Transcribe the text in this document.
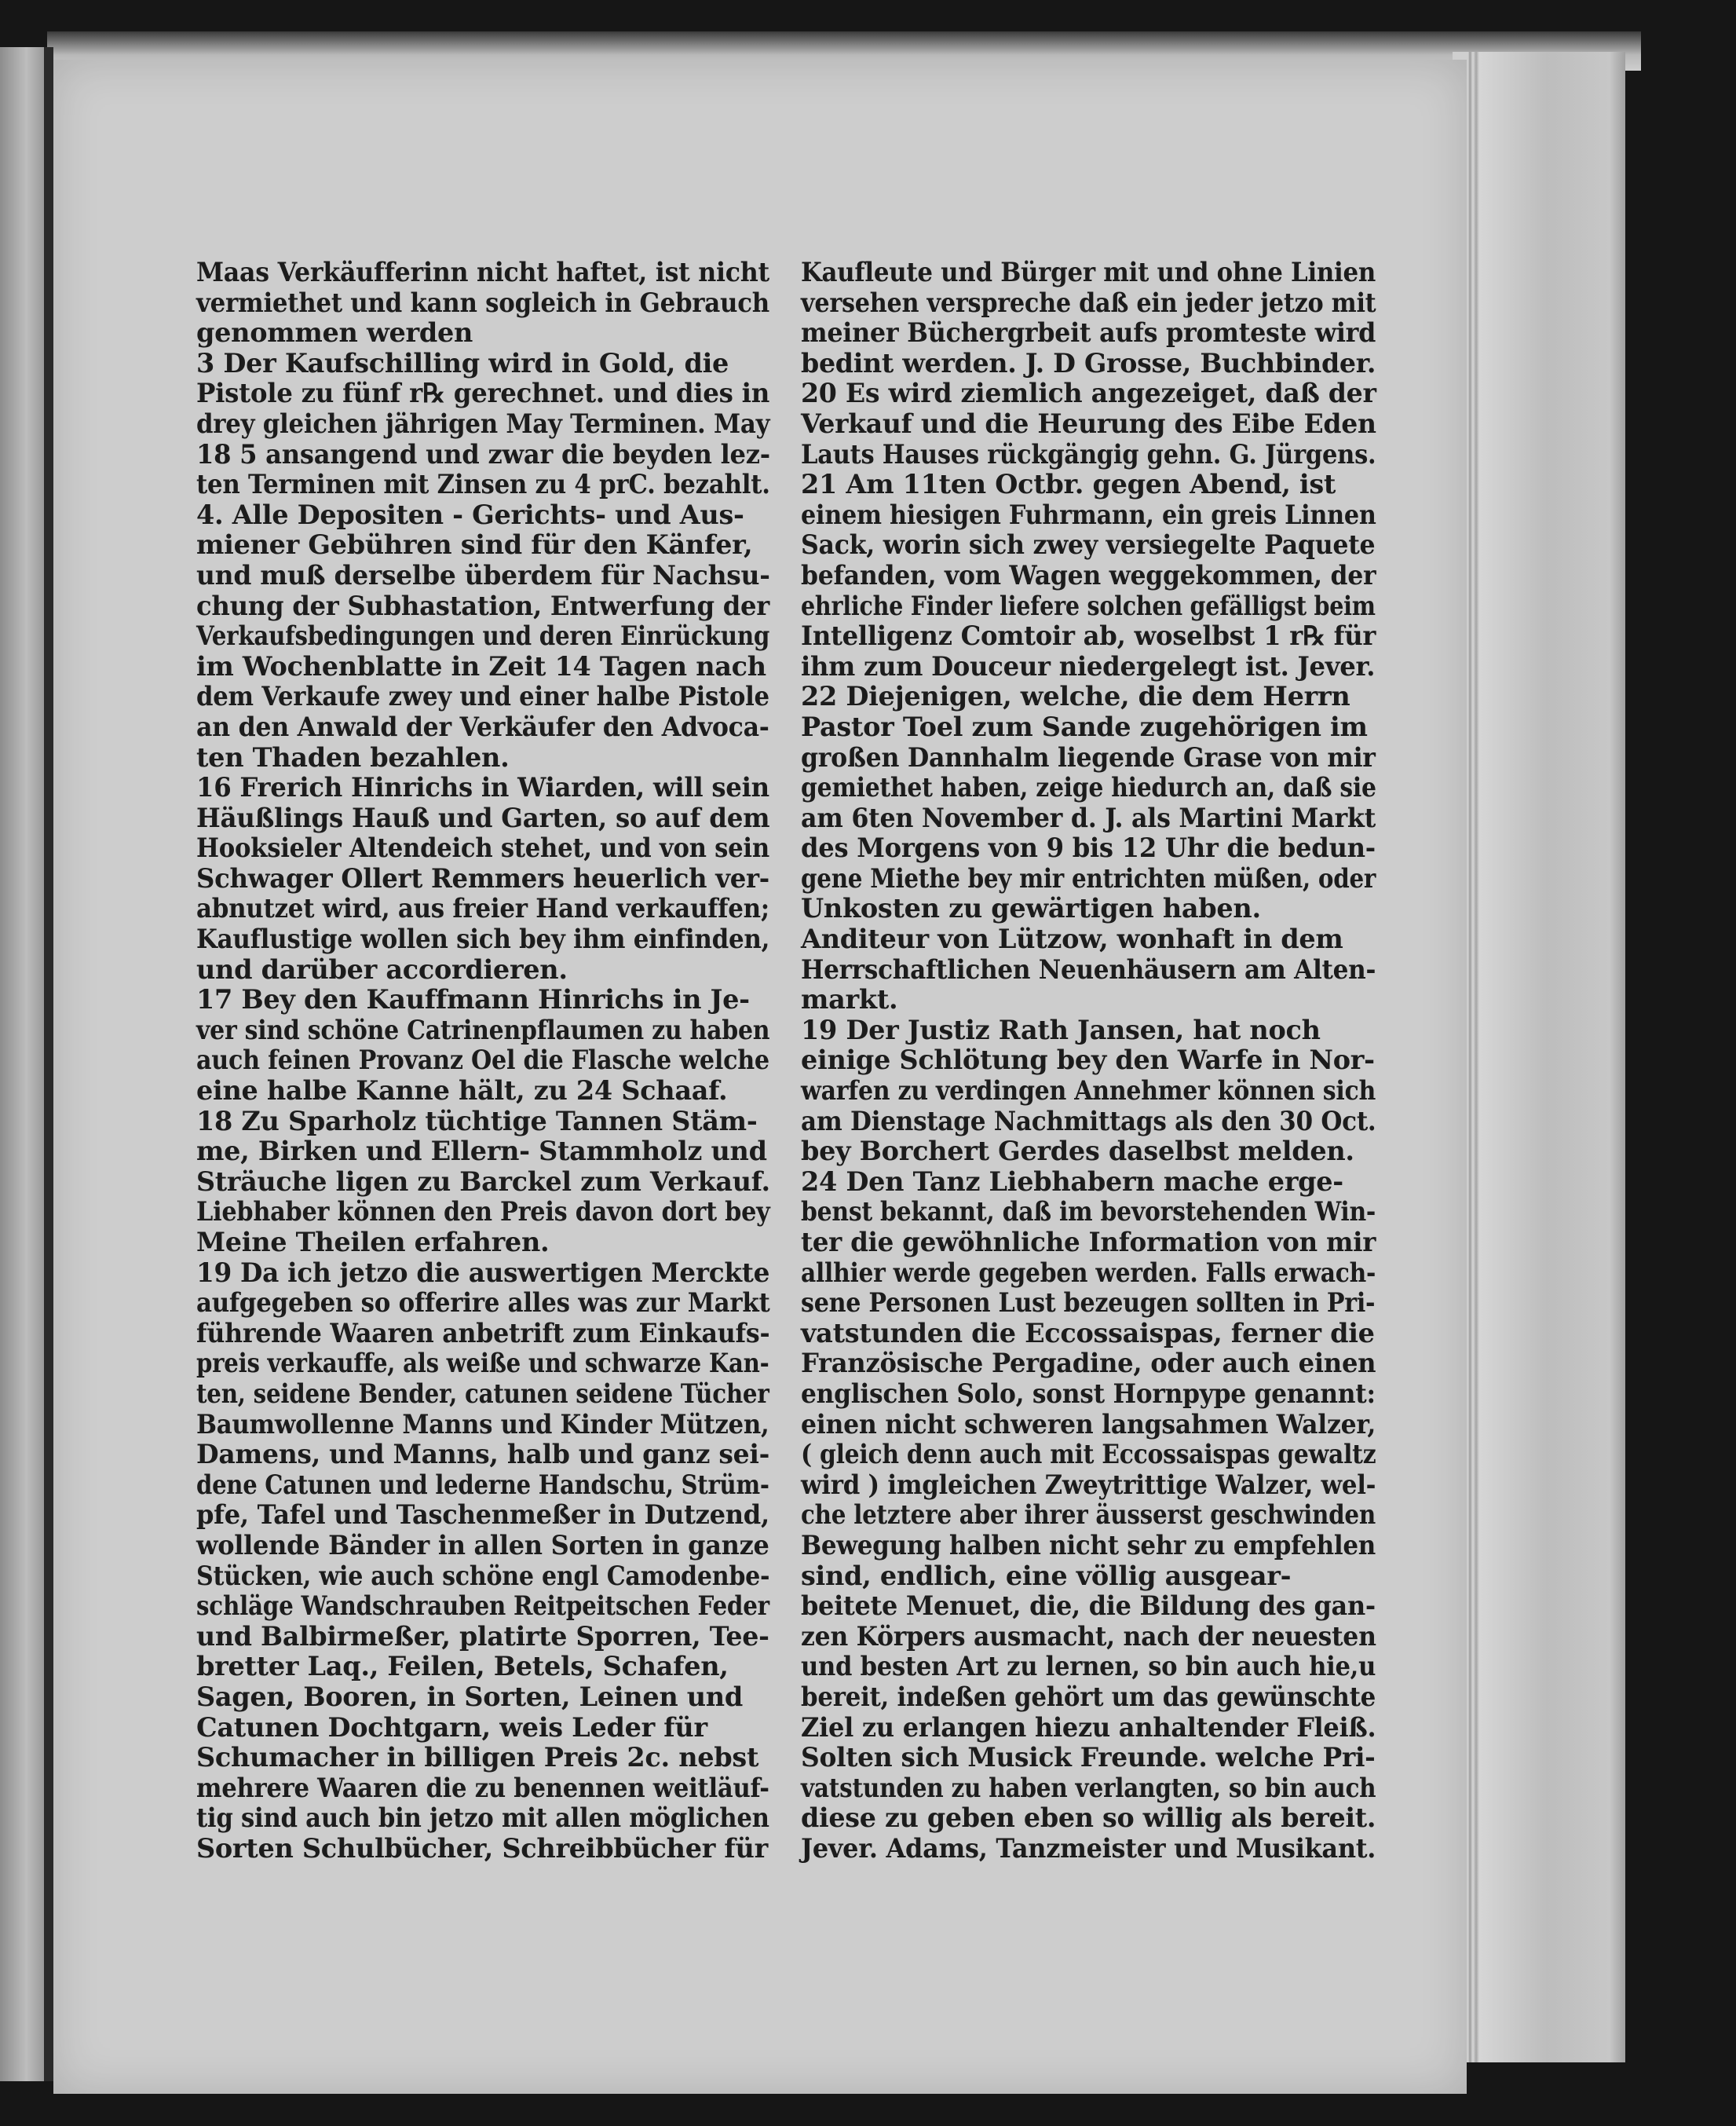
Maas Verkäufferinn nicht haftet, ist nicht
vermiethet und kann sogleich in Gebrauch
genommen werden
3 Der Kaufschilling wird in Gold, die
Pistole zu fünf r℞ gerechnet. und dies in
drey gleichen jährigen May Terminen. May
18 5 ansangend und zwar die beyden lez-
ten Terminen mit Zinsen zu 4 prC. bezahlt.
4. Alle Depositen - Gerichts- und Aus-
miener Gebühren sind für den Känfer,
und muß derselbe überdem für Nachsu-
chung der Subhastation, Entwerfung der
Verkaufsbedingungen und deren Einrückung
im Wochenblatte in Zeit 14 Tagen nach
dem Verkaufe zwey und einer halbe Pistole
an den Anwald der Verkäufer den Advoca-
ten Thaden bezahlen.
16 Frerich Hinrichs in Wiarden, will sein
Häußlings Hauß und Garten, so auf dem
Hooksieler Altendeich stehet, und von sein
Schwager Ollert Remmers heuerlich ver-
abnutzet wird, aus freier Hand verkauffen;
Kauflustige wollen sich bey ihm einfinden,
und darüber accordieren.
17 Bey den Kauffmann Hinrichs in Je-
ver sind schöne Catrinenpflaumen zu haben
auch feinen Provanz Oel die Flasche welche
eine halbe Kanne hält, zu 24 Schaaf.
18 Zu Sparholz tüchtige Tannen Stäm-
me, Birken und Ellern- Stammholz und
Sträuche ligen zu Barckel zum Verkauf.
Liebhaber können den Preis davon dort bey
Meine Theilen erfahren.
19 Da ich jetzo die auswertigen Merckte
aufgegeben so offerire alles was zur Markt
führende Waaren anbetrift zum Einkaufs-
preis verkauffe, als weiße und schwarze Kan-
ten, seidene Bender, catunen seidene Tücher
Baumwollenne Manns und Kinder Mützen,
Damens, und Manns, halb und ganz sei-
dene Catunen und lederne Handschu, Strüm-
pfe, Tafel und Taschenmeßer in Dutzend,
wollende Bänder in allen Sorten in ganze
Stücken, wie auch schöne engl Camodenbe-
schläge Wandschrauben Reitpeitschen Feder
und Balbirmeßer, platirte Sporren, Tee-
bretter Laq., Feilen, Betels, Schafen,
Sagen, Booren, in Sorten, Leinen und
Catunen Dochtgarn, weis Leder für
Schumacher in billigen Preis 2c. nebst
mehrere Waaren die zu benennen weitläuf-
tig sind auch bin jetzo mit allen möglichen
Sorten Schulbücher, Schreibbücher für
Kaufleute und Bürger mit und ohne Linien
versehen verspreche daß ein jeder jetzo mit
meiner Büchergrbeit aufs promteste wird
bedint werden. J. D Grosse, Buchbinder.
20 Es wird ziemlich angezeiget, daß der
Verkauf und die Heurung des Eibe Eden
Lauts Hauses rückgängig gehn. G. Jürgens.
21 Am 11ten Octbr. gegen Abend, ist
einem hiesigen Fuhrmann, ein greis Linnen
Sack, worin sich zwey versiegelte Paquete
befanden, vom Wagen weggekommen, der
ehrliche Finder liefere solchen gefälligst beim
Intelligenz Comtoir ab, woselbst 1 r℞ für
ihm zum Douceur niedergelegt ist. Jever.
22 Diejenigen, welche, die dem Herrn
Pastor Toel zum Sande zugehörigen im
großen Dannhalm liegende Grase von mir
gemiethet haben, zeige hiedurch an, daß sie
am 6ten November d. J. als Martini Markt
des Morgens von 9 bis 12 Uhr die bedun-
gene Miethe bey mir entrichten müßen, oder
Unkosten zu gewärtigen haben.
Anditeur von Lützow, wonhaft in dem
Herrschaftlichen Neuenhäusern am Alten-
markt.
19 Der Justiz Rath Jansen, hat noch
einige Schlötung bey den Warfe in Nor-
warfen zu verdingen Annehmer können sich
am Dienstage Nachmittags als den 30 Oct.
bey Borchert Gerdes daselbst melden.
24 Den Tanz Liebhabern mache erge-
benst bekannt, daß im bevorstehenden Win-
ter die gewöhnliche Information von mir
allhier werde gegeben werden. Falls erwach-
sene Personen Lust bezeugen sollten in Pri-
vatstunden die Eccossaispas, ferner die
Französische Pergadine, oder auch einen
englischen Solo, sonst Hornpype genannt:
einen nicht schweren langsahmen Walzer,
( gleich denn auch mit Eccossaispas gewaltz
wird ) imgleichen Zweytrittige Walzer, wel-
che letztere aber ihrer äusserst geschwinden
Bewegung halben nicht sehr zu empfehlen
sind, endlich, eine völlig ausgear-
beitete Menuet, die, die Bildung des gan-
zen Körpers ausmacht, nach der neuesten
und besten Art zu lernen, so bin auch hie,u
bereit, indeßen gehört um das gewünschte
Ziel zu erlangen hiezu anhaltender Fleiß.
Solten sich Musick Freunde. welche Pri-
vatstunden zu haben verlangten, so bin auch
diese zu geben eben so willig als bereit.
Jever. Adams, Tanzmeister und Musikant.
